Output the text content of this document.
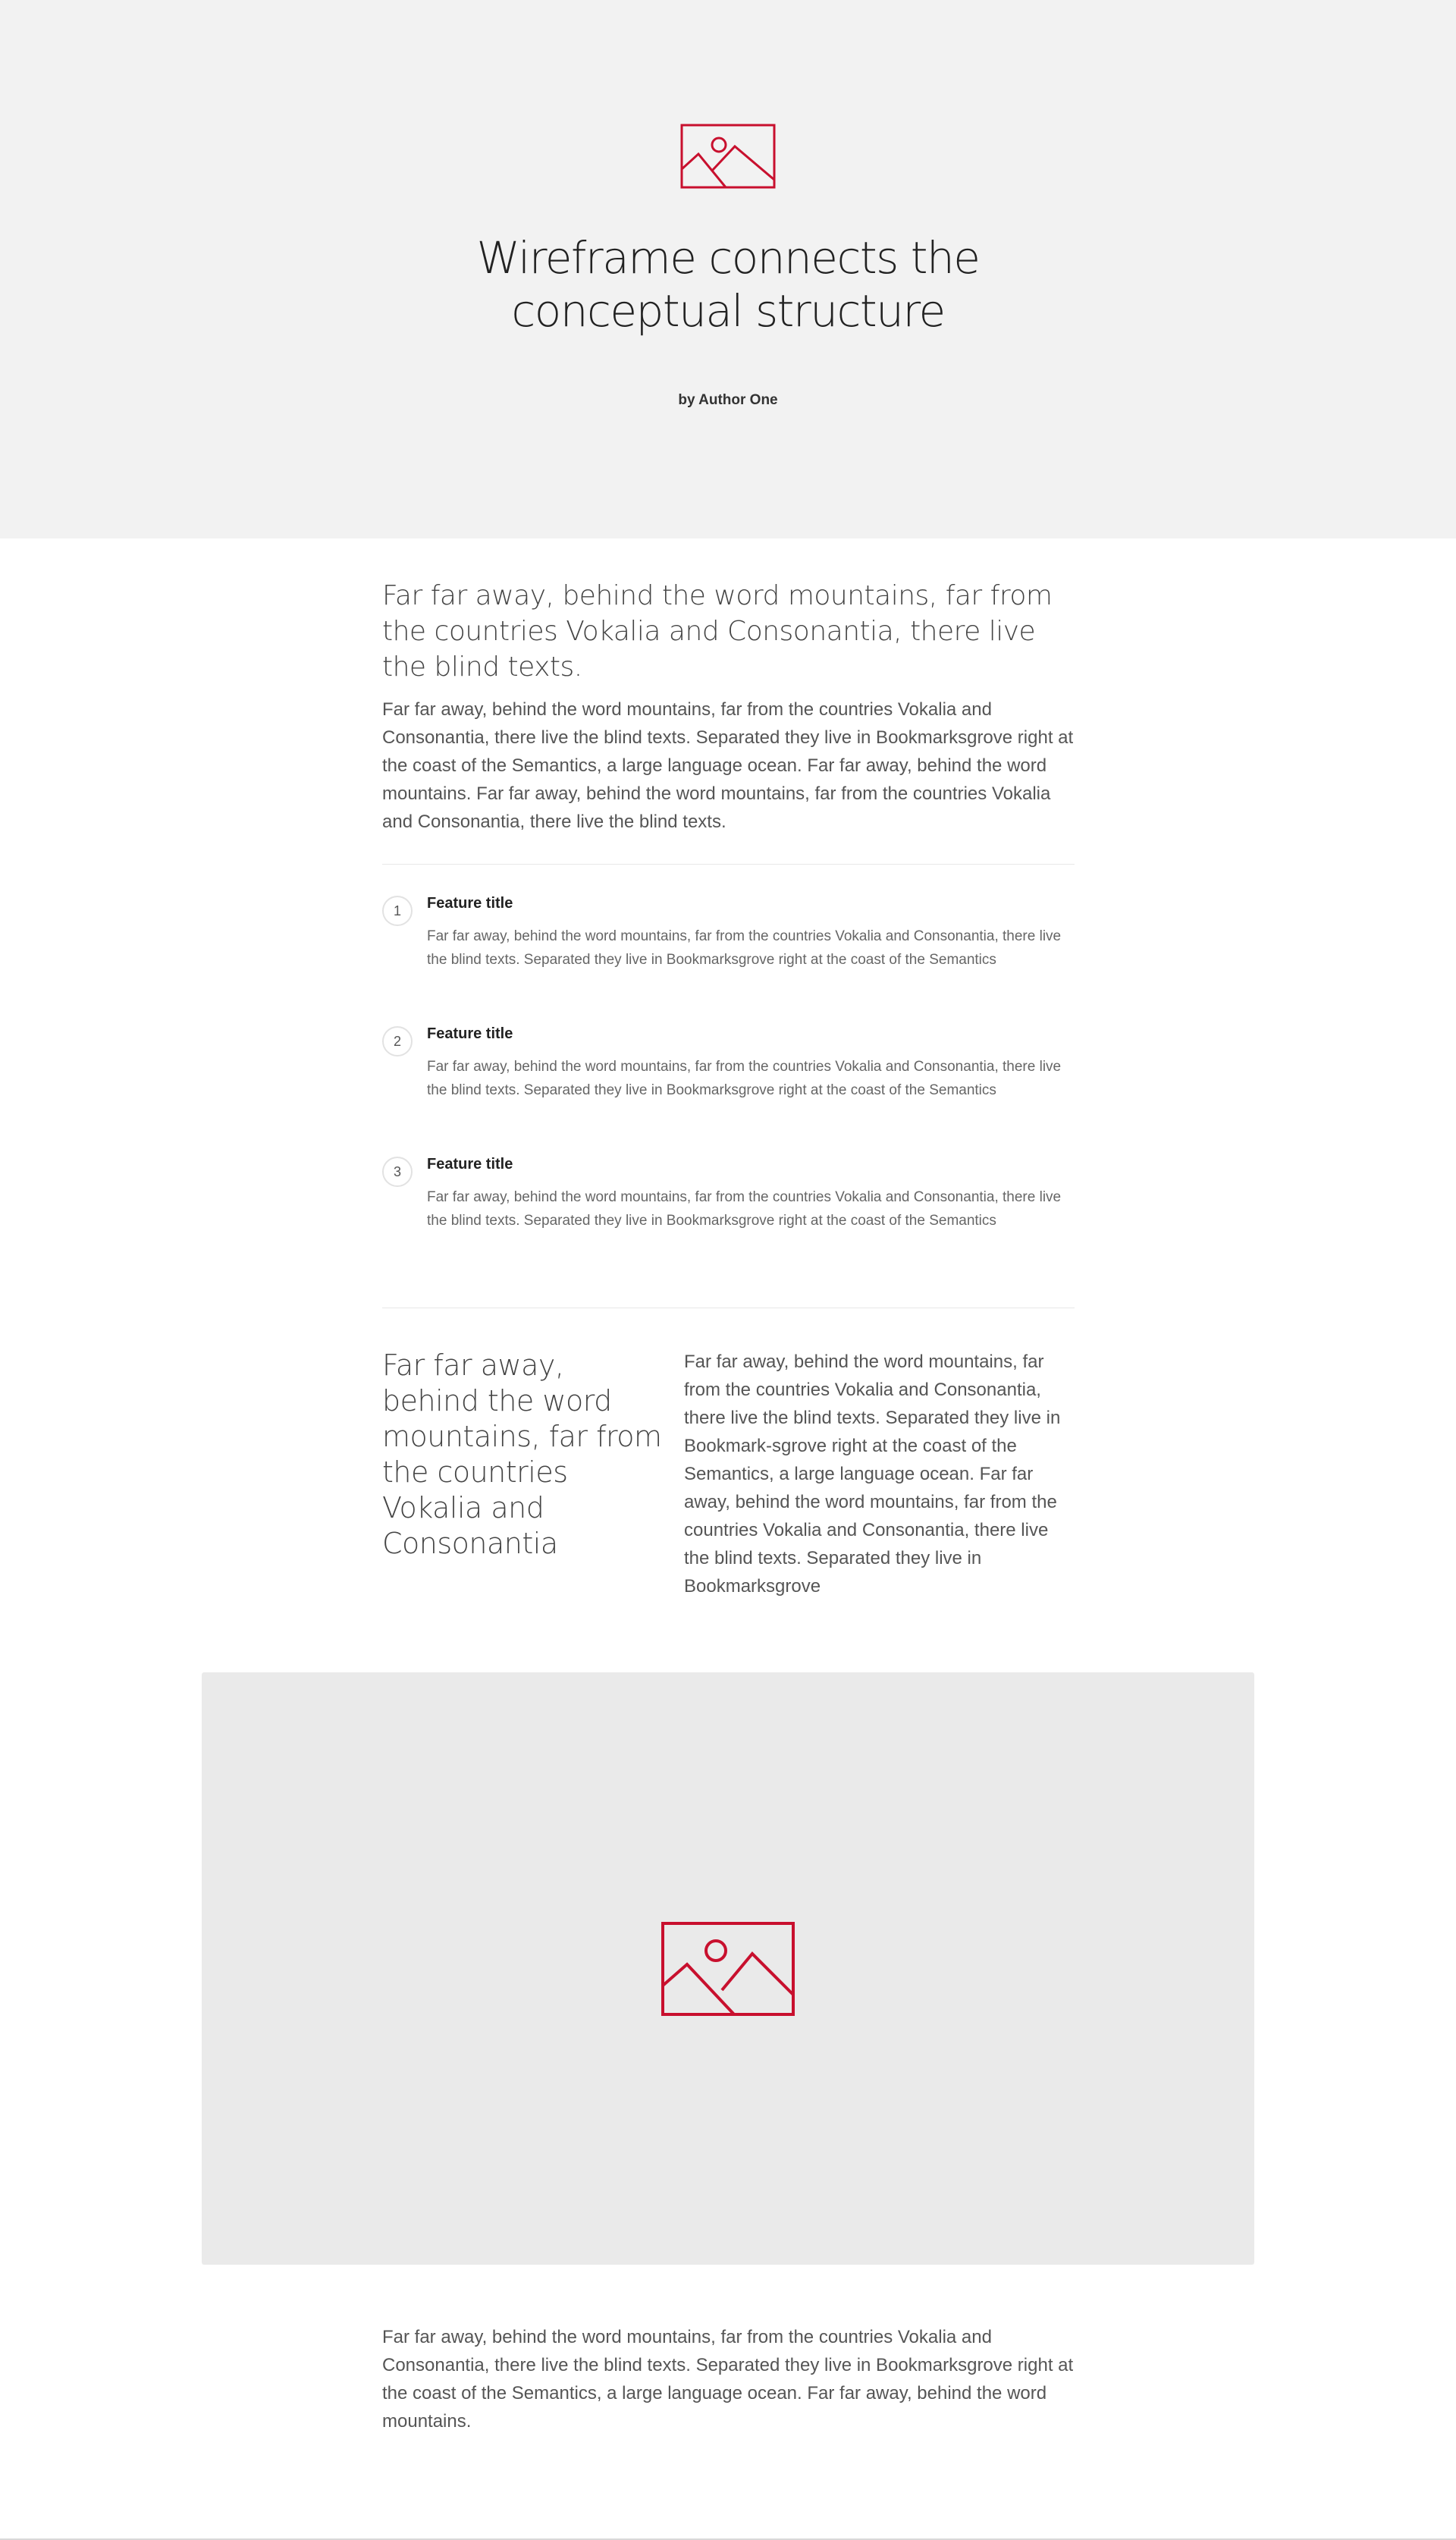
Wireframe connects the conceptual structure
by Author One

Far far away, behind the word mountains, far from the countries Vokalia and Consonantia, there live the blind texts.

Far far away, behind the word mountains, far from the countries Vokalia and Consonantia, there live the blind texts. Separated they live in Bookmarksgrove right at the coast of the Semantics, a large language ocean. Far far away, behind the word mountains. Far far away, behind the word mountains, far from the countries Vokalia and Consonantia, there live the blind texts.

1	Feature title
Far far away, behind the word mountains, far from the countries Vokalia and Consonantia, there live the blind texts. Separated they live in Bookmarksgrove right at the coast of the Semantics
2	Feature title
Far far away, behind the word mountains, far from the countries Vokalia and Consonantia, there live the blind texts. Separated they live in Bookmarksgrove right at the coast of the Semantics
3	Feature title
Far far away, behind the word mountains, far from the countries Vokalia and Consonantia, there live the blind texts. Separated they live in Bookmarksgrove right at the coast of the Semantics
Far far away, behind the word mountains, far from the countries Vokalia and Consonantia
Far far away, behind the word mountains, far from the countries Vokalia and Consonantia, there live the blind texts. Separated they live in Bookmark-sgrove right at the coast of the Semantics, a large language ocean. Far far away, behind the word mountains, far from the countries Vokalia and Consonantia, there live the blind texts. Separated they live in Bookmarksgrove

Far far away, behind the word mountains, far from the countries Vokalia and Consonantia, there live the blind texts. Separated they live in Bookmarksgrove right at the coast of the Semantics, a large language ocean. Far far away, behind the word mountains.
